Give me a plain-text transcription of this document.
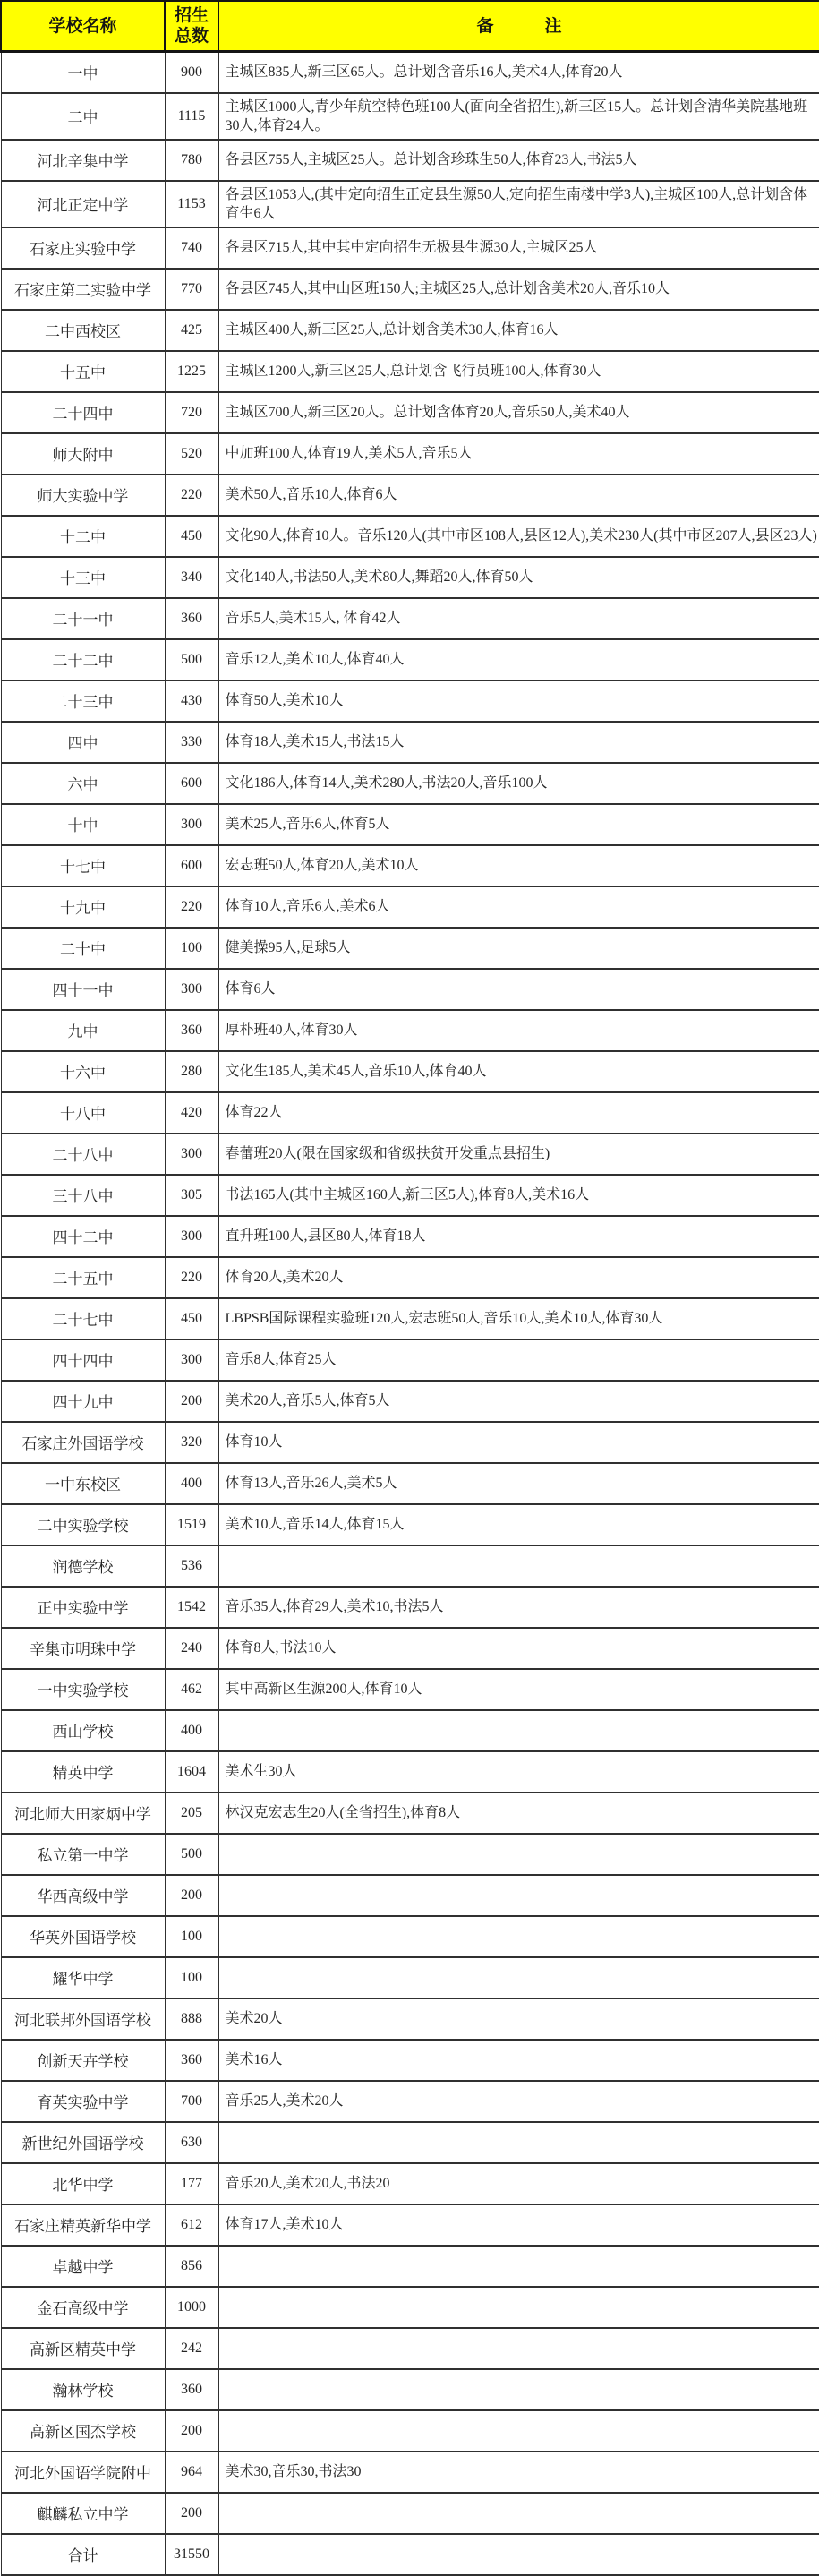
学校名称	招生总数	备　　　注
一中	900	主城区835人,新三区65人。总计划含音乐16人,美术4人,体育20人
二中	1115	主城区1000人,青少年航空特色班100人(面向全省招生),新三区15人。总计划含清华美院基地班30人,体育24人。
河北辛集中学	780	各县区755人,主城区25人。总计划含珍珠生50人,体育23人,书法5人
河北正定中学	1153	各县区1053人,(其中定向招生正定县生源50人,定向招生南楼中学3人),主城区100人,总计划含体育生6人
石家庄实验中学	740	各县区715人,其中其中定向招生无极县生源30人,主城区25人
石家庄第二实验中学	770	各县区745人,其中山区班150人;主城区25人,总计划含美术20人,音乐10人
二中西校区	425	主城区400人,新三区25人,总计划含美术30人,体育16人
十五中	1225	主城区1200人,新三区25人,总计划含飞行员班100人,体育30人
二十四中	720	主城区700人,新三区20人。总计划含体育20人,音乐50人,美术40人
师大附中	520	中加班100人,体育19人,美术5人,音乐5人
师大实验中学	220	美术50人,音乐10人,体育6人
十二中	450	文化90人,体育10人。音乐120人(其中市区108人,县区12人),美术230人(其中市区207人,县区23人)
十三中	340	文化140人,书法50人,美术80人,舞蹈20人,体育50人
二十一中	360	音乐5人,美术15人, 体育42人
二十二中	500	音乐12人,美术10人,体育40人
二十三中	430	体育50人,美术10人
四中	330	体育18人,美术15人,书法15人
六中	600	文化186人,体育14人,美术280人,书法20人,音乐100人
十中	300	美术25人,音乐6人,体育5人
十七中	600	宏志班50人,体育20人,美术10人
十九中	220	体育10人,音乐6人,美术6人
二十中	100	健美操95人,足球5人
四十一中	300	体育6人
九中	360	厚朴班40人,体育30人
十六中	280	文化生185人,美术45人,音乐10人,体育40人
十八中	420	体育22人
二十八中	300	春蕾班20人(限在国家级和省级扶贫开发重点县招生)
三十八中	305	书法165人(其中主城区160人,新三区5人),体育8人,美术16人
四十二中	300	直升班100人,县区80人,体育18人
二十五中	220	体育20人,美术20人
二十七中	450	LBPSB国际课程实验班120人,宏志班50人,音乐10人,美术10人,体育30人
四十四中	300	音乐8人,体育25人
四十九中	200	美术20人,音乐5人,体育5人
石家庄外国语学校	320	体育10人
一中东校区	400	体育13人,音乐26人,美术5人
二中实验学校	1519	美术10人,音乐14人,体育15人
润德学校	536	
正中实验中学	1542	音乐35人,体育29人,美术10,书法5人
辛集市明珠中学	240	体育8人,书法10人
一中实验学校	462	其中高新区生源200人,体育10人
西山学校	400	
精英中学	1604	美术生30人
河北师大田家炳中学	205	林汉克宏志生20人(全省招生),体育8人
私立第一中学	500	
华西高级中学	200	
华英外国语学校	100	
耀华中学	100	
河北联邦外国语学校	888	美术20人
创新天卉学校	360	美术16人
育英实验中学	700	音乐25人,美术20人
新世纪外国语学校	630	
北华中学	177	音乐20人,美术20人,书法20
石家庄精英新华中学	612	体育17人,美术10人
卓越中学	856	
金石高级中学	1000	
高新区精英中学	242	
瀚林学校	360	
高新区国杰学校	200	
河北外国语学院附中	964	美术30,音乐30,书法30
麒麟私立中学	200	
合计	31550	
